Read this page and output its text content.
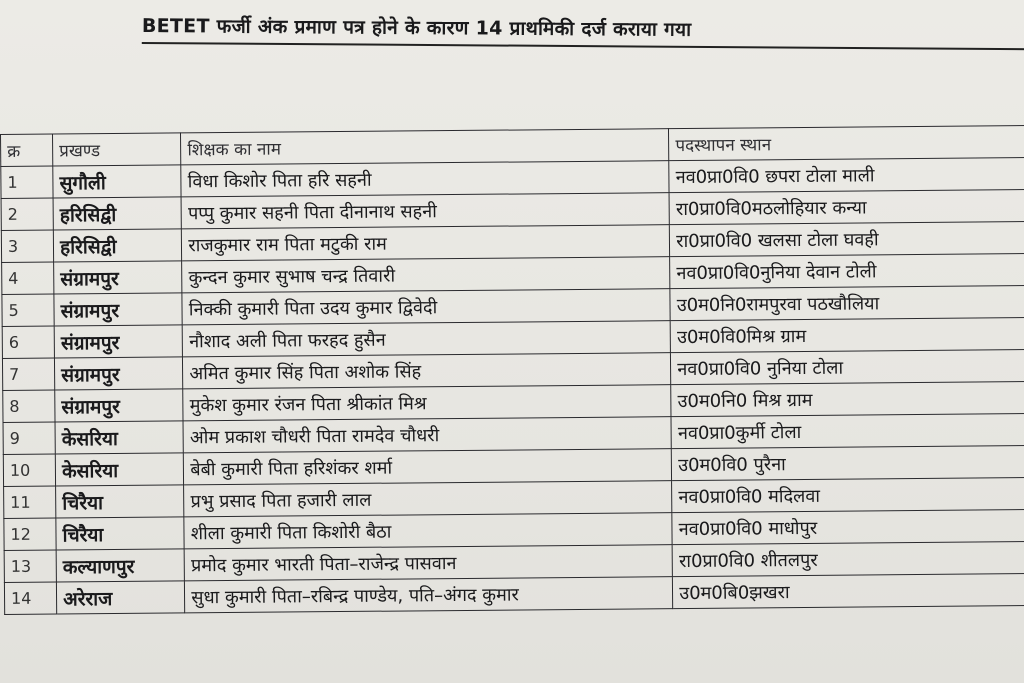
BETET फर्जी अंक प्रमाण पत्र होने के कारण 14 प्राथमिकी दर्ज कराया गया
क्र	प्रखण्ड	शिक्षक का नाम	पदस्थापन स्थान
1	सुगौली	विधा किशोर पिता हरि सहनी	नव0प्रा0वि0 छपरा टोला माली
2	हरिसिद्वी	पप्पु कुमार सहनी पिता दीनानाथ सहनी	रा0प्रा0वि0मठलोहियार कन्या
3	हरिसिद्वी	राजकुमार राम पिता मटुकी राम	रा0प्रा0वि0 खलसा टोला घवही
4	संग्रामपुर	कुन्दन कुमार सुभाष चन्द्र तिवारी	नव0प्रा0वि0नुनिया देवान टोली
5	संग्रामपुर	निक्की कुमारी पिता उदय कुमार द्विवेदी	उ0म0नि0रामपुरवा पठखौलिया
6	संग्रामपुर	नौशाद अली पिता फरहद हुसैन	उ0म0वि0मिश्र ग्राम
7	संग्रामपुर	अमित कुमार सिंह पिता अशोक सिंह	नव0प्रा0वि0 नुनिया टोला
8	संग्रामपुर	मुकेश कुमार रंजन पिता श्रीकांत मिश्र	उ0म0नि0 मिश्र ग्राम
9	केसरिया	ओम प्रकाश चौधरी पिता रामदेव चौधरी	नव0प्रा0कुर्मी टोला
10	केसरिया	बेबी कुमारी पिता हरिशंकर शर्मा	उ0म0वि0 पुरैना
11	चिरैया	प्रभु प्रसाद पिता हजारी लाल	नव0प्रा0वि0 मदिलवा
12	चिरैया	शीला कुमारी पिता किशोरी बैठा	नव0प्रा0वि0 माधोपुर
13	कल्याणपुर	प्रमोद कुमार भारती पिता–राजेन्द्र पासवान	रा0प्रा0वि0 शीतलपुर
14	अरेराज	सुधा कुमारी पिता–रबिन्द्र पाण्डेय, पति–अंगद कुमार	उ0म0बि0झखरा
